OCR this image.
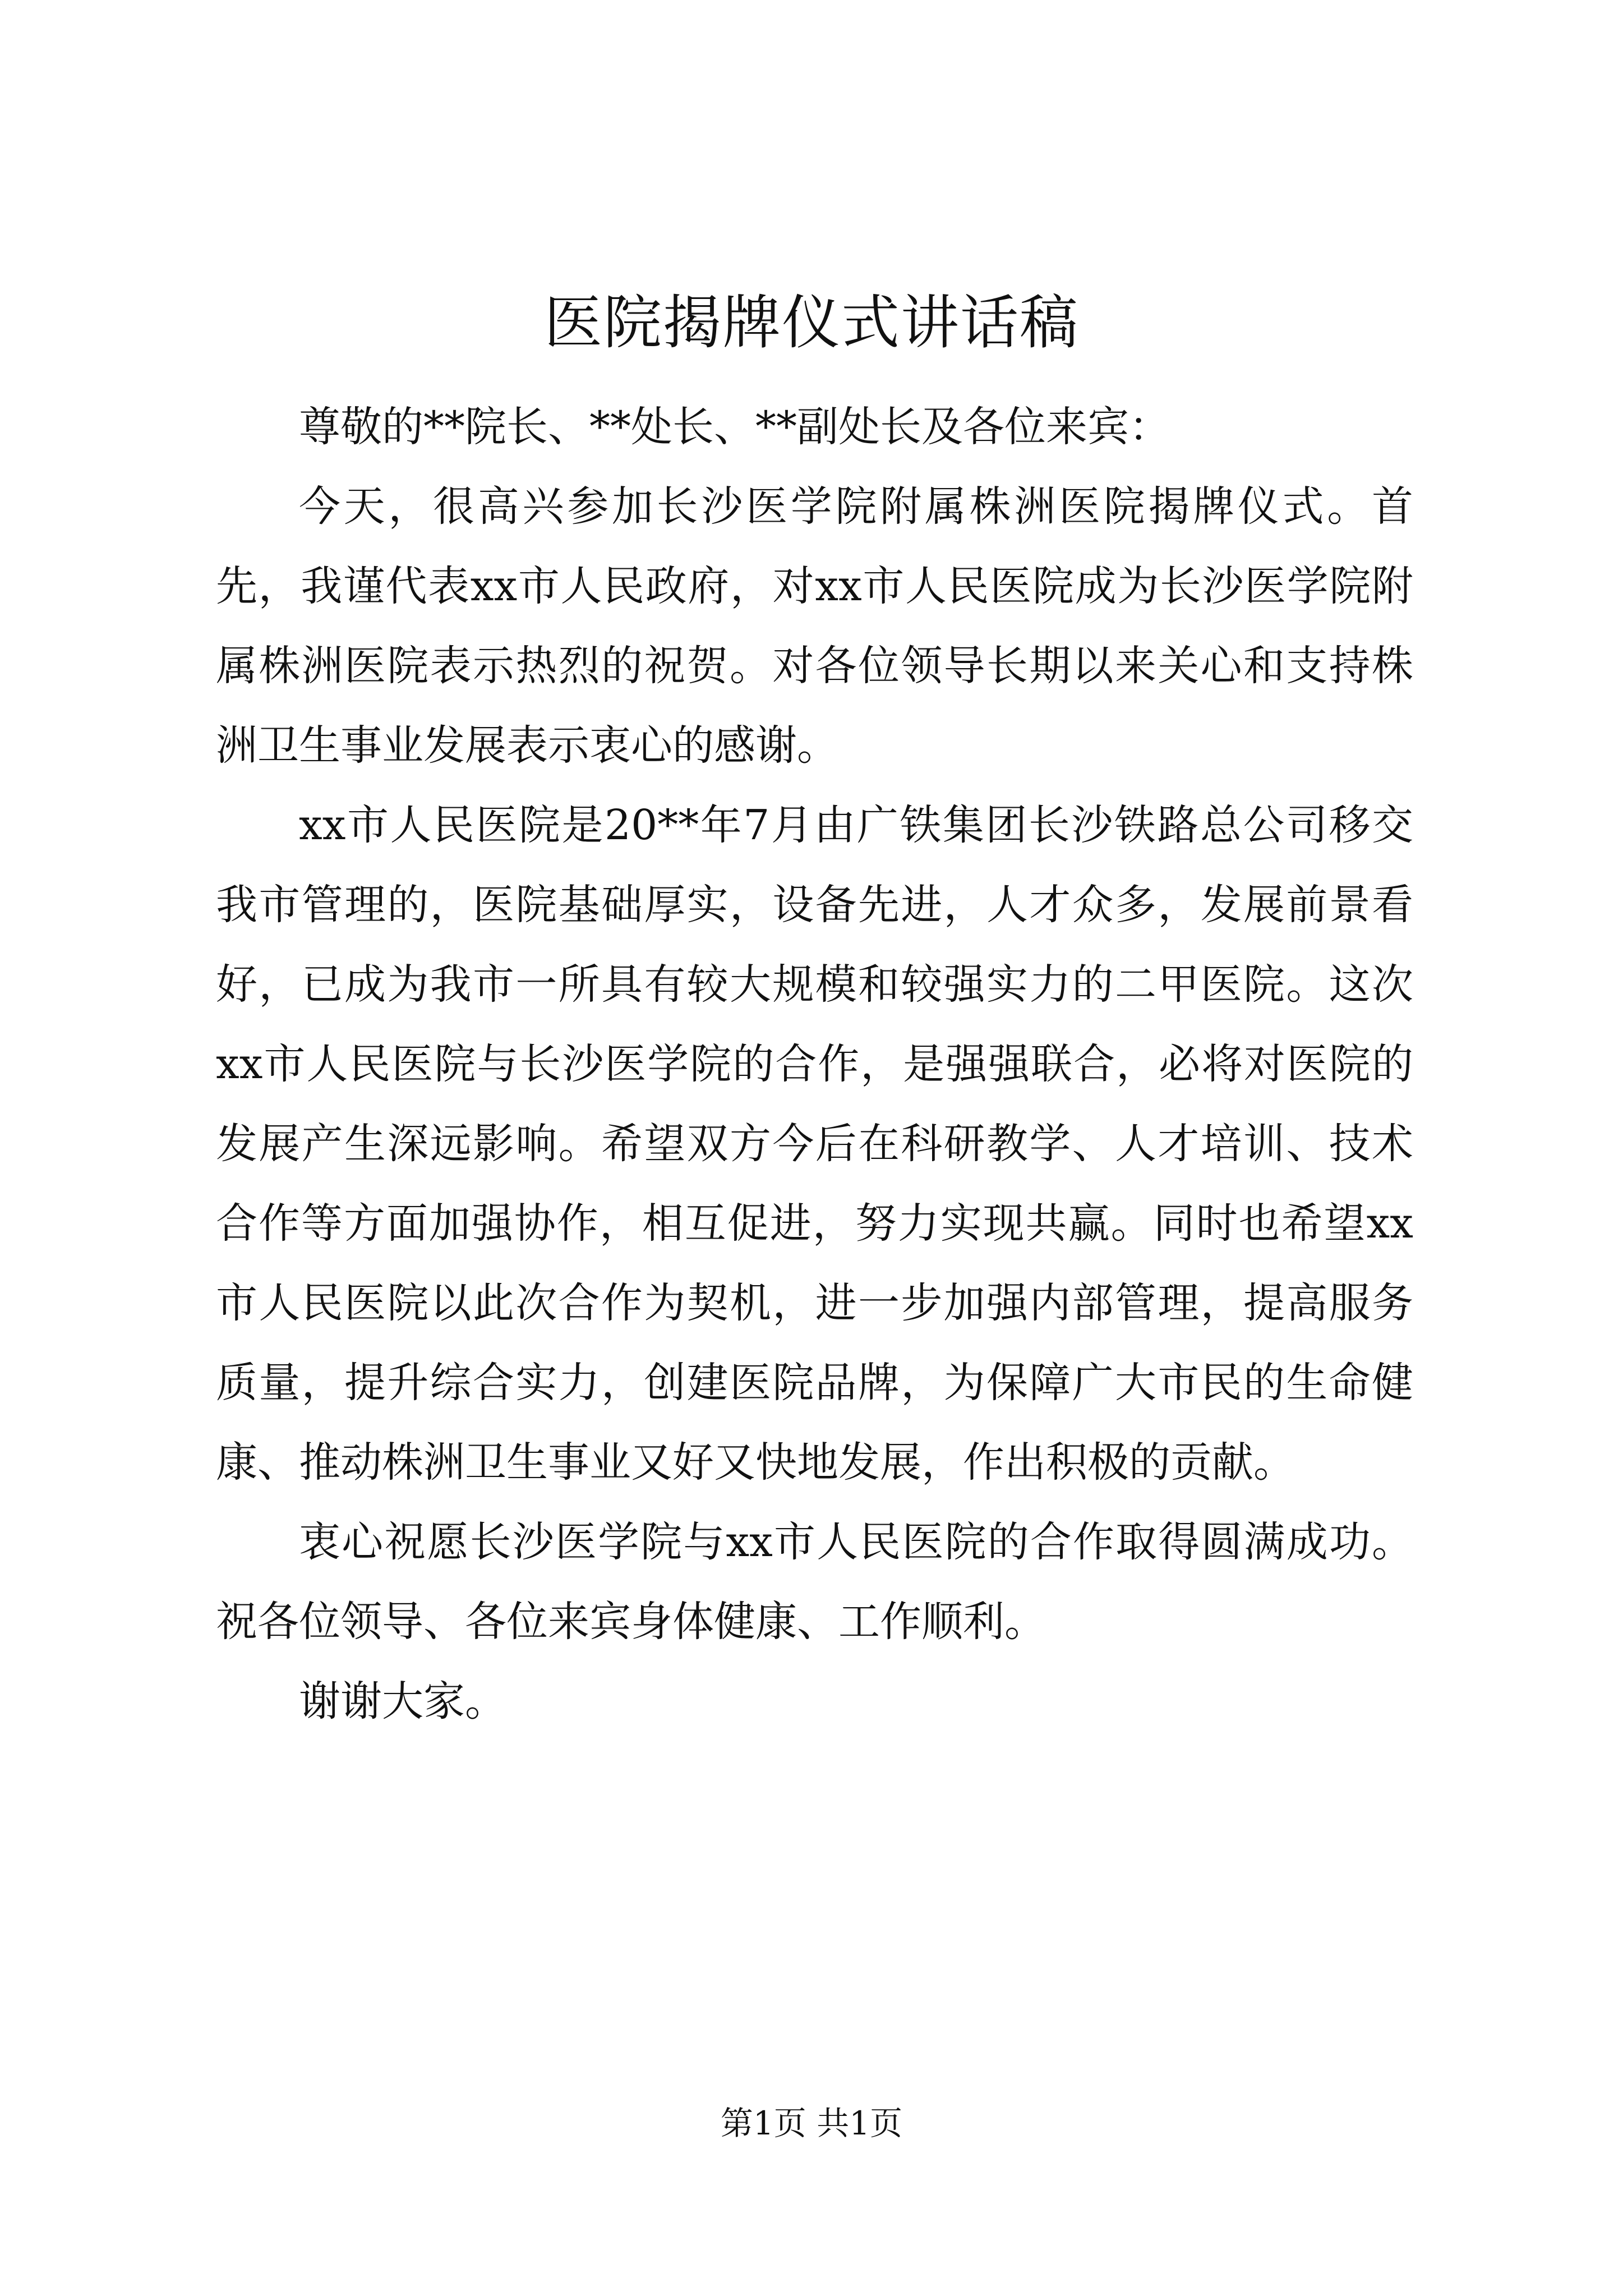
医院揭牌仪式讲话稿

尊敬的**院长、**处长、**副处长及各位来宾：

今天，很高兴参加长沙医学院附属株洲医院揭牌仪式。首先，我谨代表xx市人民政府，对xx市人民医院成为长沙医学院附属株洲医院表示热烈的祝贺。对各位领导长期以来关心和支持株洲卫生事业发展表示衷心的感谢。

xx市人民医院是20**年7月由广铁集团长沙铁路总公司移交我市管理的，医院基础厚实，设备先进，人才众多，发展前景看好，已成为我市一所具有较大规模和较强实力的二甲医院。这次xx市人民医院与长沙医学院的合作，是强强联合，必将对医院的发展产生深远影响。希望双方今后在科研教学、人才培训、技术合作等方面加强协作，相互促进，努力实现共赢。同时也希望xx市人民医院以此次合作为契机，进一步加强内部管理，提高服务质量，提升综合实力，创建医院品牌，为保障广大市民的生命健康、推动株洲卫生事业又好又快地发展，作出积极的贡献。

衷心祝愿长沙医学院与xx市人民医院的合作取得圆满成功。祝各位领导、各位来宾身体健康、工作顺利。

谢谢大家。

第1页 共1页
